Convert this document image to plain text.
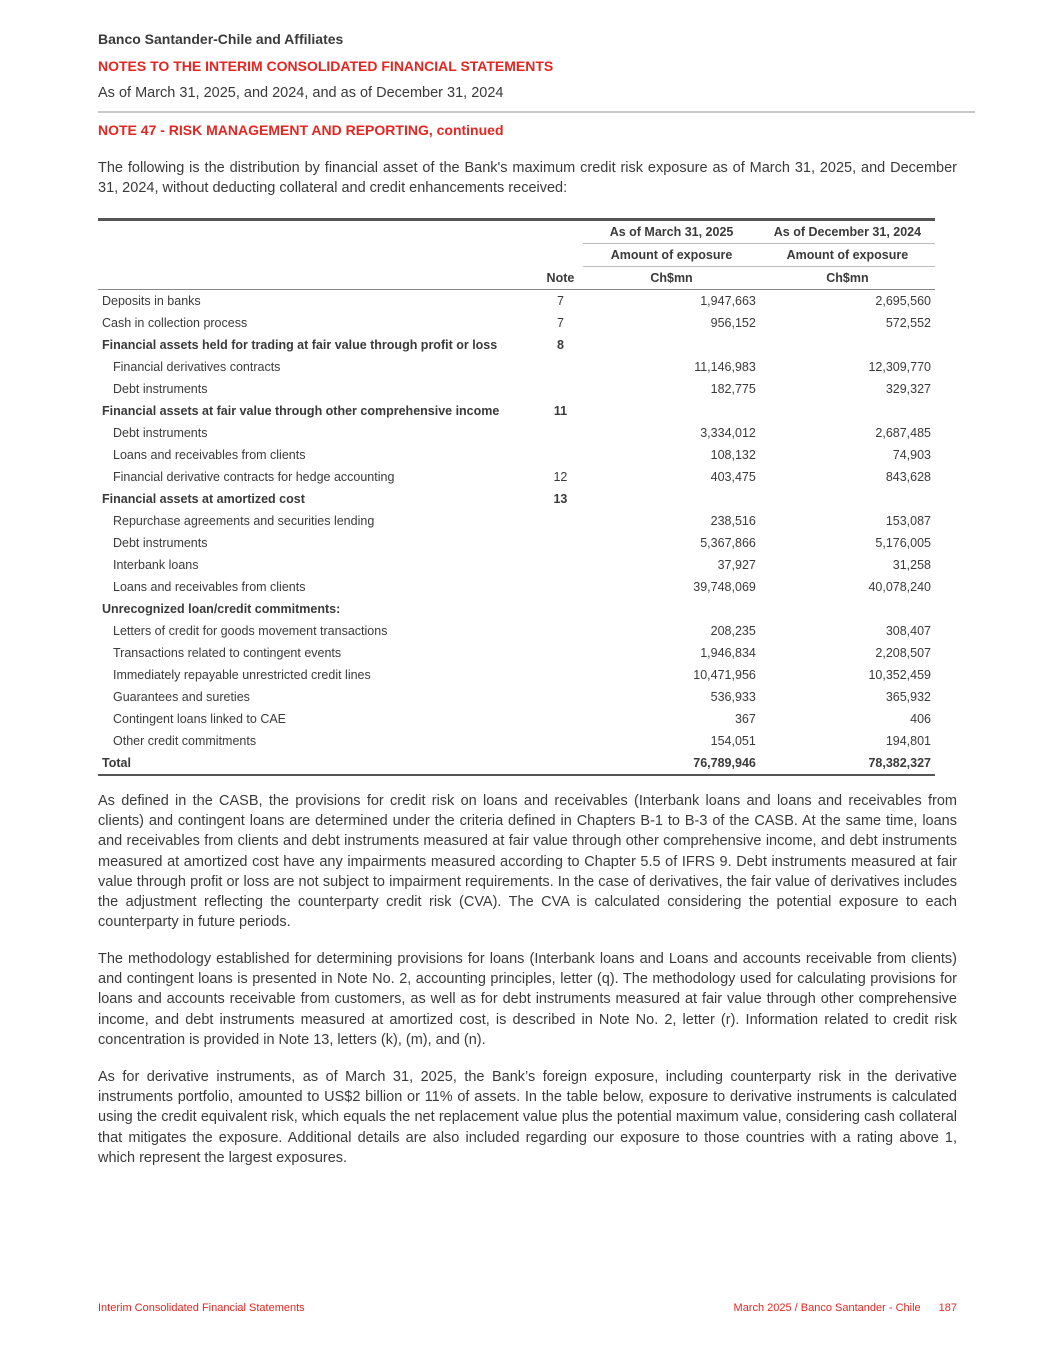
Banco Santander-Chile and Affiliates
NOTES TO THE INTERIM CONSOLIDATED FINANCIAL STATEMENTS
As of March 31, 2025, and 2024, and as of December 31, 2024
NOTE 47 - RISK MANAGEMENT AND REPORTING, continued
The following is the distribution by financial asset of the Bank's maximum credit risk exposure as of March 31, 2025, and December 31, 2024, without deducting collateral and credit enhancements received:
		As of March 31, 2025	As of December 31, 2024
		Amount of exposure	Amount of exposure
	Note	Ch$mn	Ch$mn
Deposits in banks	7	1,947,663	2,695,560
Cash in collection process	7	956,152	572,552
Financial assets held for trading at fair value through profit or loss	8		
Financial derivatives contracts		11,146,983	12,309,770
Debt instruments		182,775	329,327
Financial assets at fair value through other comprehensive income	11		
Debt instruments		3,334,012	2,687,485
Loans and receivables from clients		108,132	74,903
Financial derivative contracts for hedge accounting	12	403,475	843,628
Financial assets at amortized cost	13		
Repurchase agreements and securities lending		238,516	153,087
Debt instruments		5,367,866	5,176,005
Interbank loans		37,927	31,258
Loans and receivables from clients		39,748,069	40,078,240
Unrecognized loan/credit commitments:			
Letters of credit for goods movement transactions		208,235	308,407
Transactions related to contingent events		1,946,834	2,208,507
Immediately repayable unrestricted credit lines		10,471,956	10,352,459
Guarantees and sureties		536,933	365,932
Contingent loans linked to CAE		367	406
Other credit commitments		154,051	194,801
Total		76,789,946	78,382,327
As defined in the CASB, the provisions for credit risk on loans and receivables (Interbank loans and loans and receivables from clients) and contingent loans are determined under the criteria defined in Chapters B-1 to B-3 of the CASB. At the same time, loans and receivables from clients and debt instruments measured at fair value through other comprehensive income, and debt instruments measured at amortized cost have any impairments measured according to Chapter 5.5 of IFRS 9. Debt instruments measured at fair value through profit or loss are not subject to impairment requirements. In the case of derivatives, the fair value of derivatives includes the adjustment reflecting the counterparty credit risk (CVA). The CVA is calculated considering the potential exposure to each counterparty in future periods.
The methodology established for determining provisions for loans (Interbank loans and Loans and accounts receivable from clients) and contingent loans is presented in Note No. 2, accounting principles, letter (q). The methodology used for calculating provisions for loans and accounts receivable from customers, as well as for debt instruments measured at fair value through other comprehensive income, and debt instruments measured at amortized cost, is described in Note No. 2, letter (r). Information related to credit risk concentration is provided in Note 13, letters (k), (m), and (n).
As for derivative instruments, as of March 31, 2025, the Bank’s foreign exposure, including counterparty risk in the derivative instruments portfolio, amounted to US$2 billion or 11% of assets. In the table below, exposure to derivative instruments is calculated using the credit equivalent risk, which equals the net replacement value plus the potential maximum value, considering cash collateral that mitigates the exposure. Additional details are also included regarding our exposure to those countries with a rating above 1, which represent the largest exposures.
Interim Consolidated Financial Statements	March 2025 / Banco Santander - Chile 187
